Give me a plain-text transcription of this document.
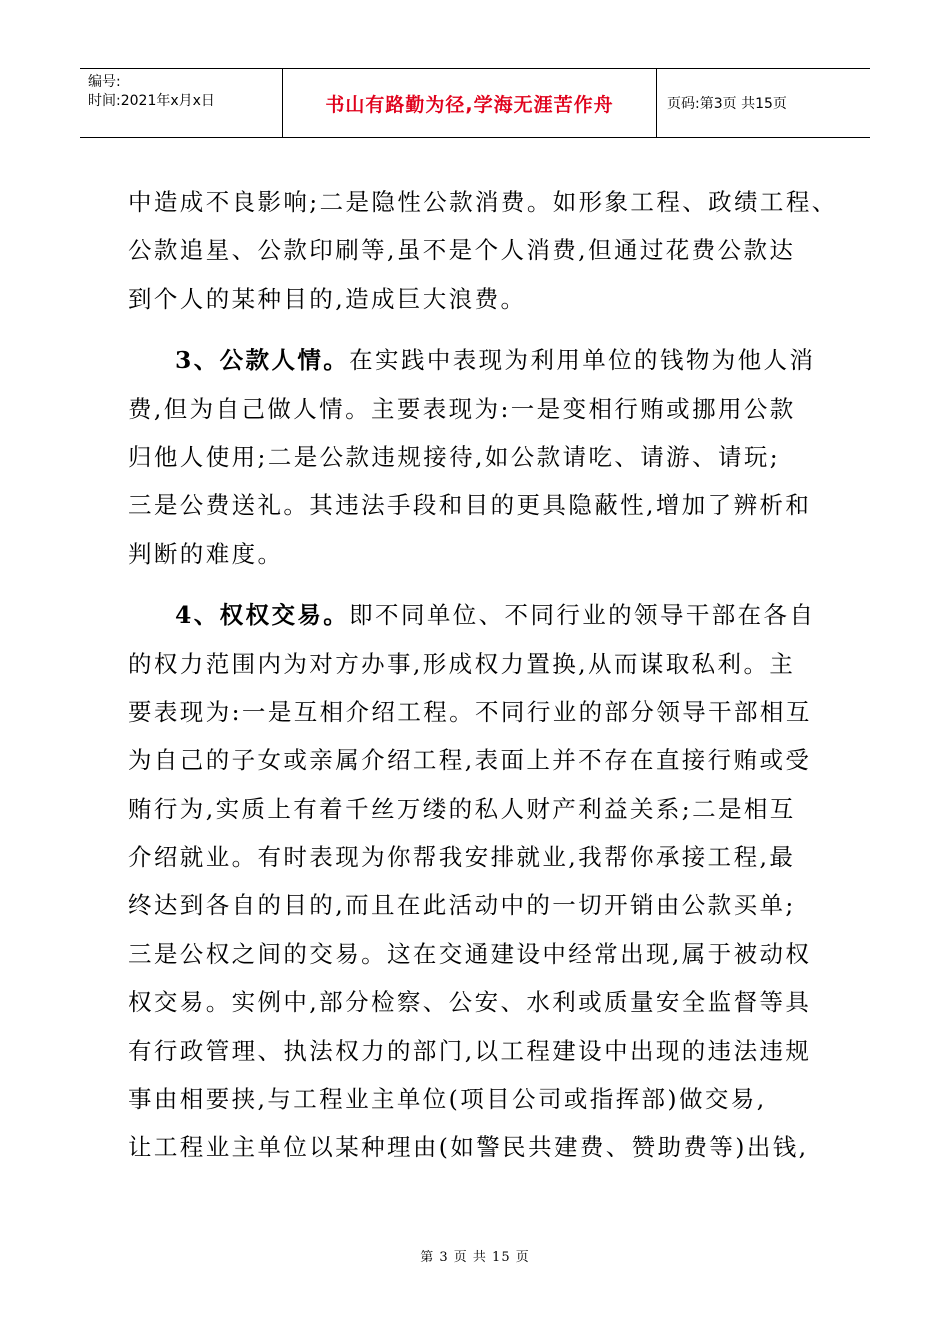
编号:
时间:2021年x月x日	书山有路勤为径,学海无涯苦作舟	页码:第3页 共15页
中造成不良影响;二是隐性公款消费。如形象工程、政绩工程、
公款追星、公款印刷等,虽不是个人消费,但通过花费公款达
到个人的某种目的,造成巨大浪费。
3、公款人情。在实践中表现为利用单位的钱物为他人消
费,但为自己做人情。主要表现为:一是变相行贿或挪用公款
归他人使用;二是公款违规接待,如公款请吃、请游、请玩;
三是公费送礼。其违法手段和目的更具隐蔽性,增加了辨析和
判断的难度。
4、权权交易。即不同单位、不同行业的领导干部在各自
的权力范围内为对方办事,形成权力置换,从而谋取私利。主
要表现为:一是互相介绍工程。不同行业的部分领导干部相互
为自己的子女或亲属介绍工程,表面上并不存在直接行贿或受
贿行为,实质上有着千丝万缕的私人财产利益关系;二是相互
介绍就业。有时表现为你帮我安排就业,我帮你承接工程,最
终达到各自的目的,而且在此活动中的一切开销由公款买单;
三是公权之间的交易。这在交通建设中经常出现,属于被动权
权交易。实例中,部分检察、公安、水利或质量安全监督等具
有行政管理、执法权力的部门,以工程建设中出现的违法违规
事由相要挟,与工程业主单位(项目公司或指挥部)做交易,
让工程业主单位以某种理由(如警民共建费、赞助费等)出钱,
第 3 页 共 15 页
